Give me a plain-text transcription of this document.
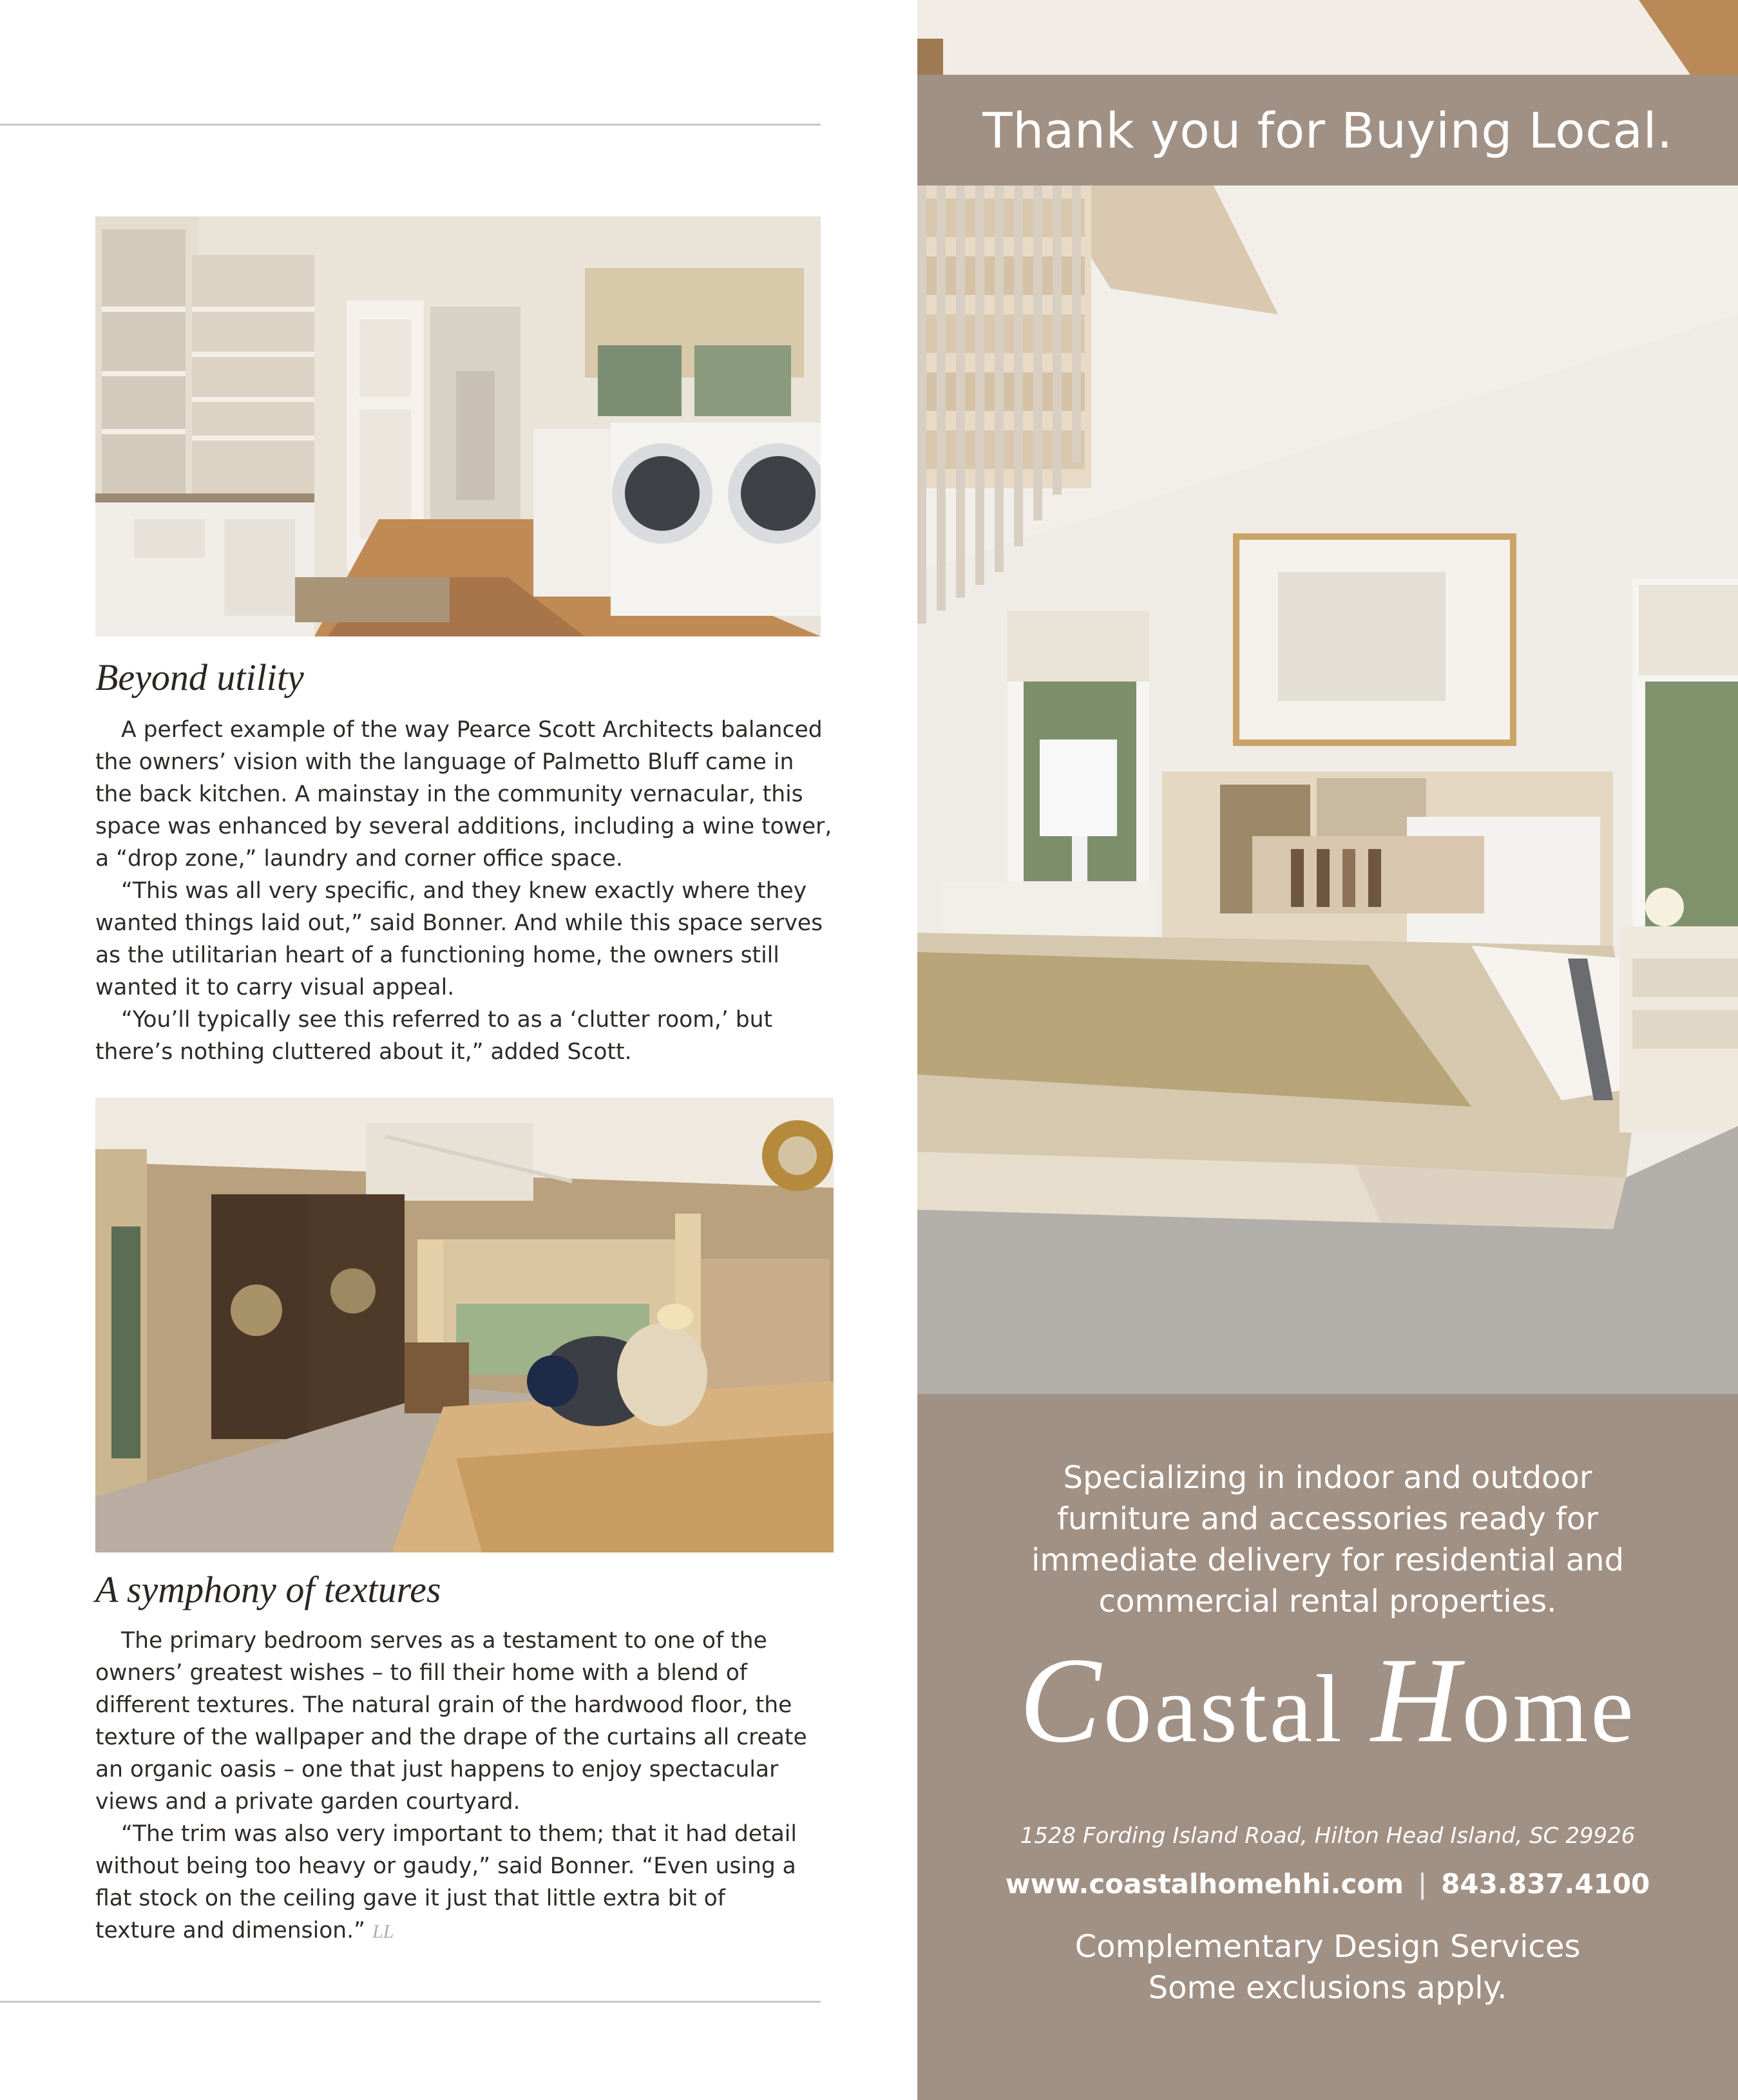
Beyond utility

A perfect example of the way Pearce Scott Architects balanced the owners’ vision with the language of Palmetto Bluff came in the back kitchen. A mainstay in the community vernacular, this space was enhanced by several additions, including a wine tower, a “drop zone,” laundry and corner office space.

“This was all very specific, and they knew exactly where they wanted things laid out,” said Bonner. And while this space serves as the utilitarian heart of a functioning home, the owners still wanted it to carry visual appeal.

“You’ll typically see this referred to as a ‘clutter room,’ but there’s nothing cluttered about it,” added Scott.

A symphony of textures

The primary bedroom serves as a testament to one of the owners’ greatest wishes – to fill their home with a blend of different textures. The natural grain of the hardwood floor, the texture of the wallpaper and the drape of the curtains all create an organic oasis – one that just happens to enjoy spectacular views and a private garden courtyard.

“The trim was also very important to them; that it had detail without being too heavy or gaudy,” said Bonner. “Even using a flat stock on the ceiling gave it just that little extra bit of texture and dimension.” LL

Thank you for Buying Local.
Specializing in indoor and outdoor
furniture and accessories ready for
immediate delivery for residential and
commercial rental properties.
Coastal Home
1528 Fording Island Road, Hilton Head Island, SC 29926
www.coastalhomehhi.com | 843.837.4100
Complementary Design Services
Some exclusions apply.
